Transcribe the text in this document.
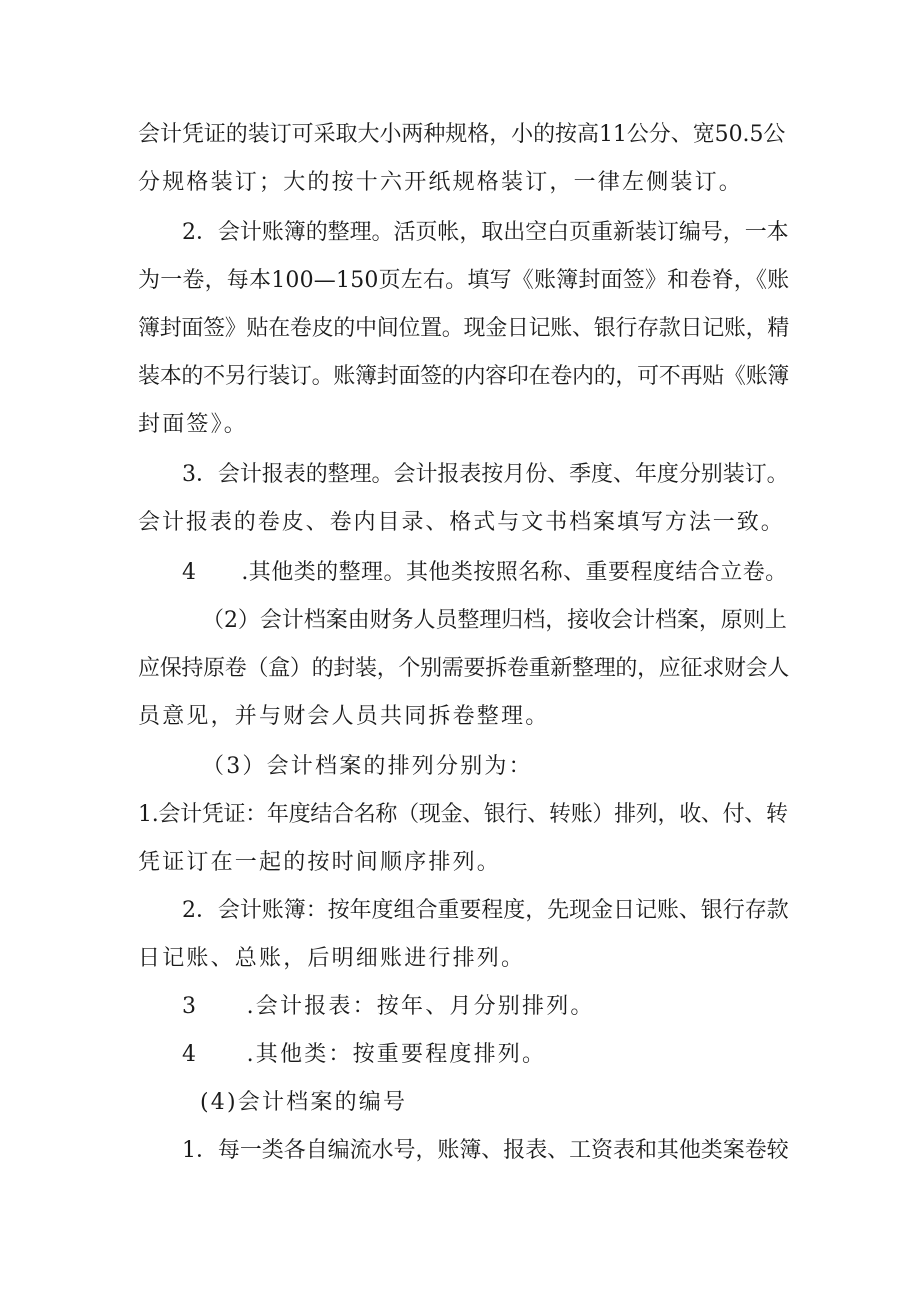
会计凭证的装订可采取大小两种规格，小的按高11公分、宽50.5公
分规格装订；大的按十六开纸规格装订，一律左侧装订。
2．会计账簿的整理。活页帐，取出空白页重新装订编号，一本
为一卷，每本100—150页左右。填写《账簿封面签》和卷脊，《账
簿封面签》贴在卷皮的中间位置。现金日记账、银行存款日记账，精
装本的不另行装订。账簿封面签的内容印在卷内的，可不再贴《账簿
封面签》。
3．会计报表的整理。会计报表按月份、季度、年度分别装订。
会计报表的卷皮、卷内目录、格式与文书档案填写方法一致。
4　　.其他类的整理。其他类按照名称、重要程度结合立卷。
（2）会计档案由财务人员整理归档，接收会计档案，原则上
应保持原卷（盒）的封装，个别需要拆卷重新整理的，应征求财会人
员意见，并与财会人员共同拆卷整理。
（3）会计档案的排列分别为：
1.会计凭证：年度结合名称（现金、银行、转账）排列，收、付、转
凭证订在一起的按时间顺序排列。
2．会计账簿：按年度组合重要程度，先现金日记账、银行存款
日记账、总账，后明细账进行排列。
3　　.会计报表：按年、月分别排列。
4　　.其他类：按重要程度排列。
(4)会计档案的编号
1．每一类各自编流水号，账簿、报表、工资表和其他类案卷较
